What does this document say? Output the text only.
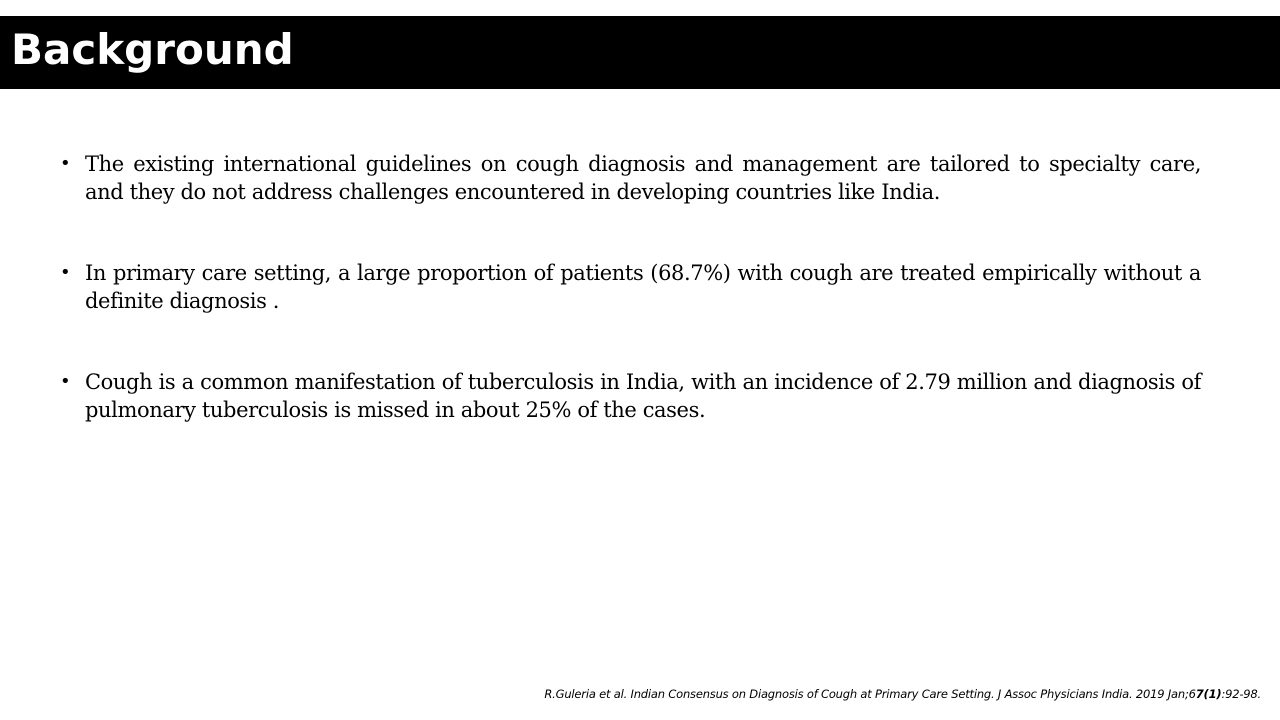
Background
• The existing international guidelines on cough diagnosis and management are tailored to specialty care, and they do not address challenges encountered in developing countries like India.
• In primary care setting, a large proportion of patients (68.7%) with cough are treated empirically without a definite diagnosis .
• Cough is a common manifestation of tuberculosis in India, with an incidence of 2.79 million and diagnosis of pulmonary tuberculosis is missed in about 25% of the cases.
R.Guleria et al. Indian Consensus on Diagnosis of Cough at Primary Care Setting. J Assoc Physicians India. 2019 Jan;67(1):92-98.
